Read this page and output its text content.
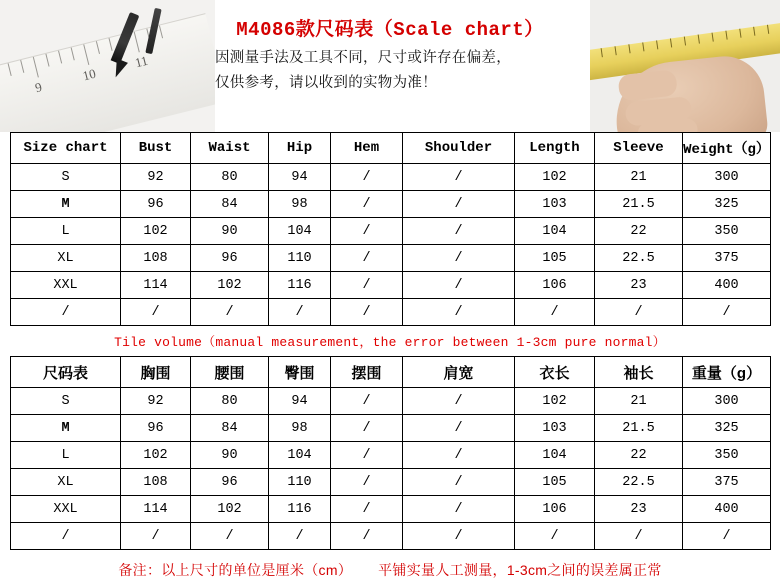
9
10
11
M4086款尺码表（Scale chart）
因测量手法及工具不同，尺寸或许存在偏差，
仅供参考，请以收到的实物为准！
Size chart	Bust	Waist	Hip	Hem	Shoulder	Length	Sleeve	Weight（g）
S	92	80	94	/	/	102	21	300
M	96	84	98	/	/	103	21.5	325
L	102	90	104	/	/	104	22	350
XL	108	96	110	/	/	105	22.5	375
XXL	114	102	116	/	/	106	23	400
/	/	/	/	/	/	/	/	/
Tile volume（manual measurement，the error between 1-3cm pure normal）
尺码表	胸围	腰围	臀围	摆围	肩宽	衣长	袖长	重量（g）
S	92	80	94	/	/	102	21	300
M	96	84	98	/	/	103	21.5	325
L	102	90	104	/	/	104	22	350
XL	108	96	110	/	/	105	22.5	375
XXL	114	102	116	/	/	106	23	400
/	/	/	/	/	/	/	/	/
备注：以上尺寸的单位是厘米（cm） 平铺实量人工测量，1-3cm之间的误差属正常
